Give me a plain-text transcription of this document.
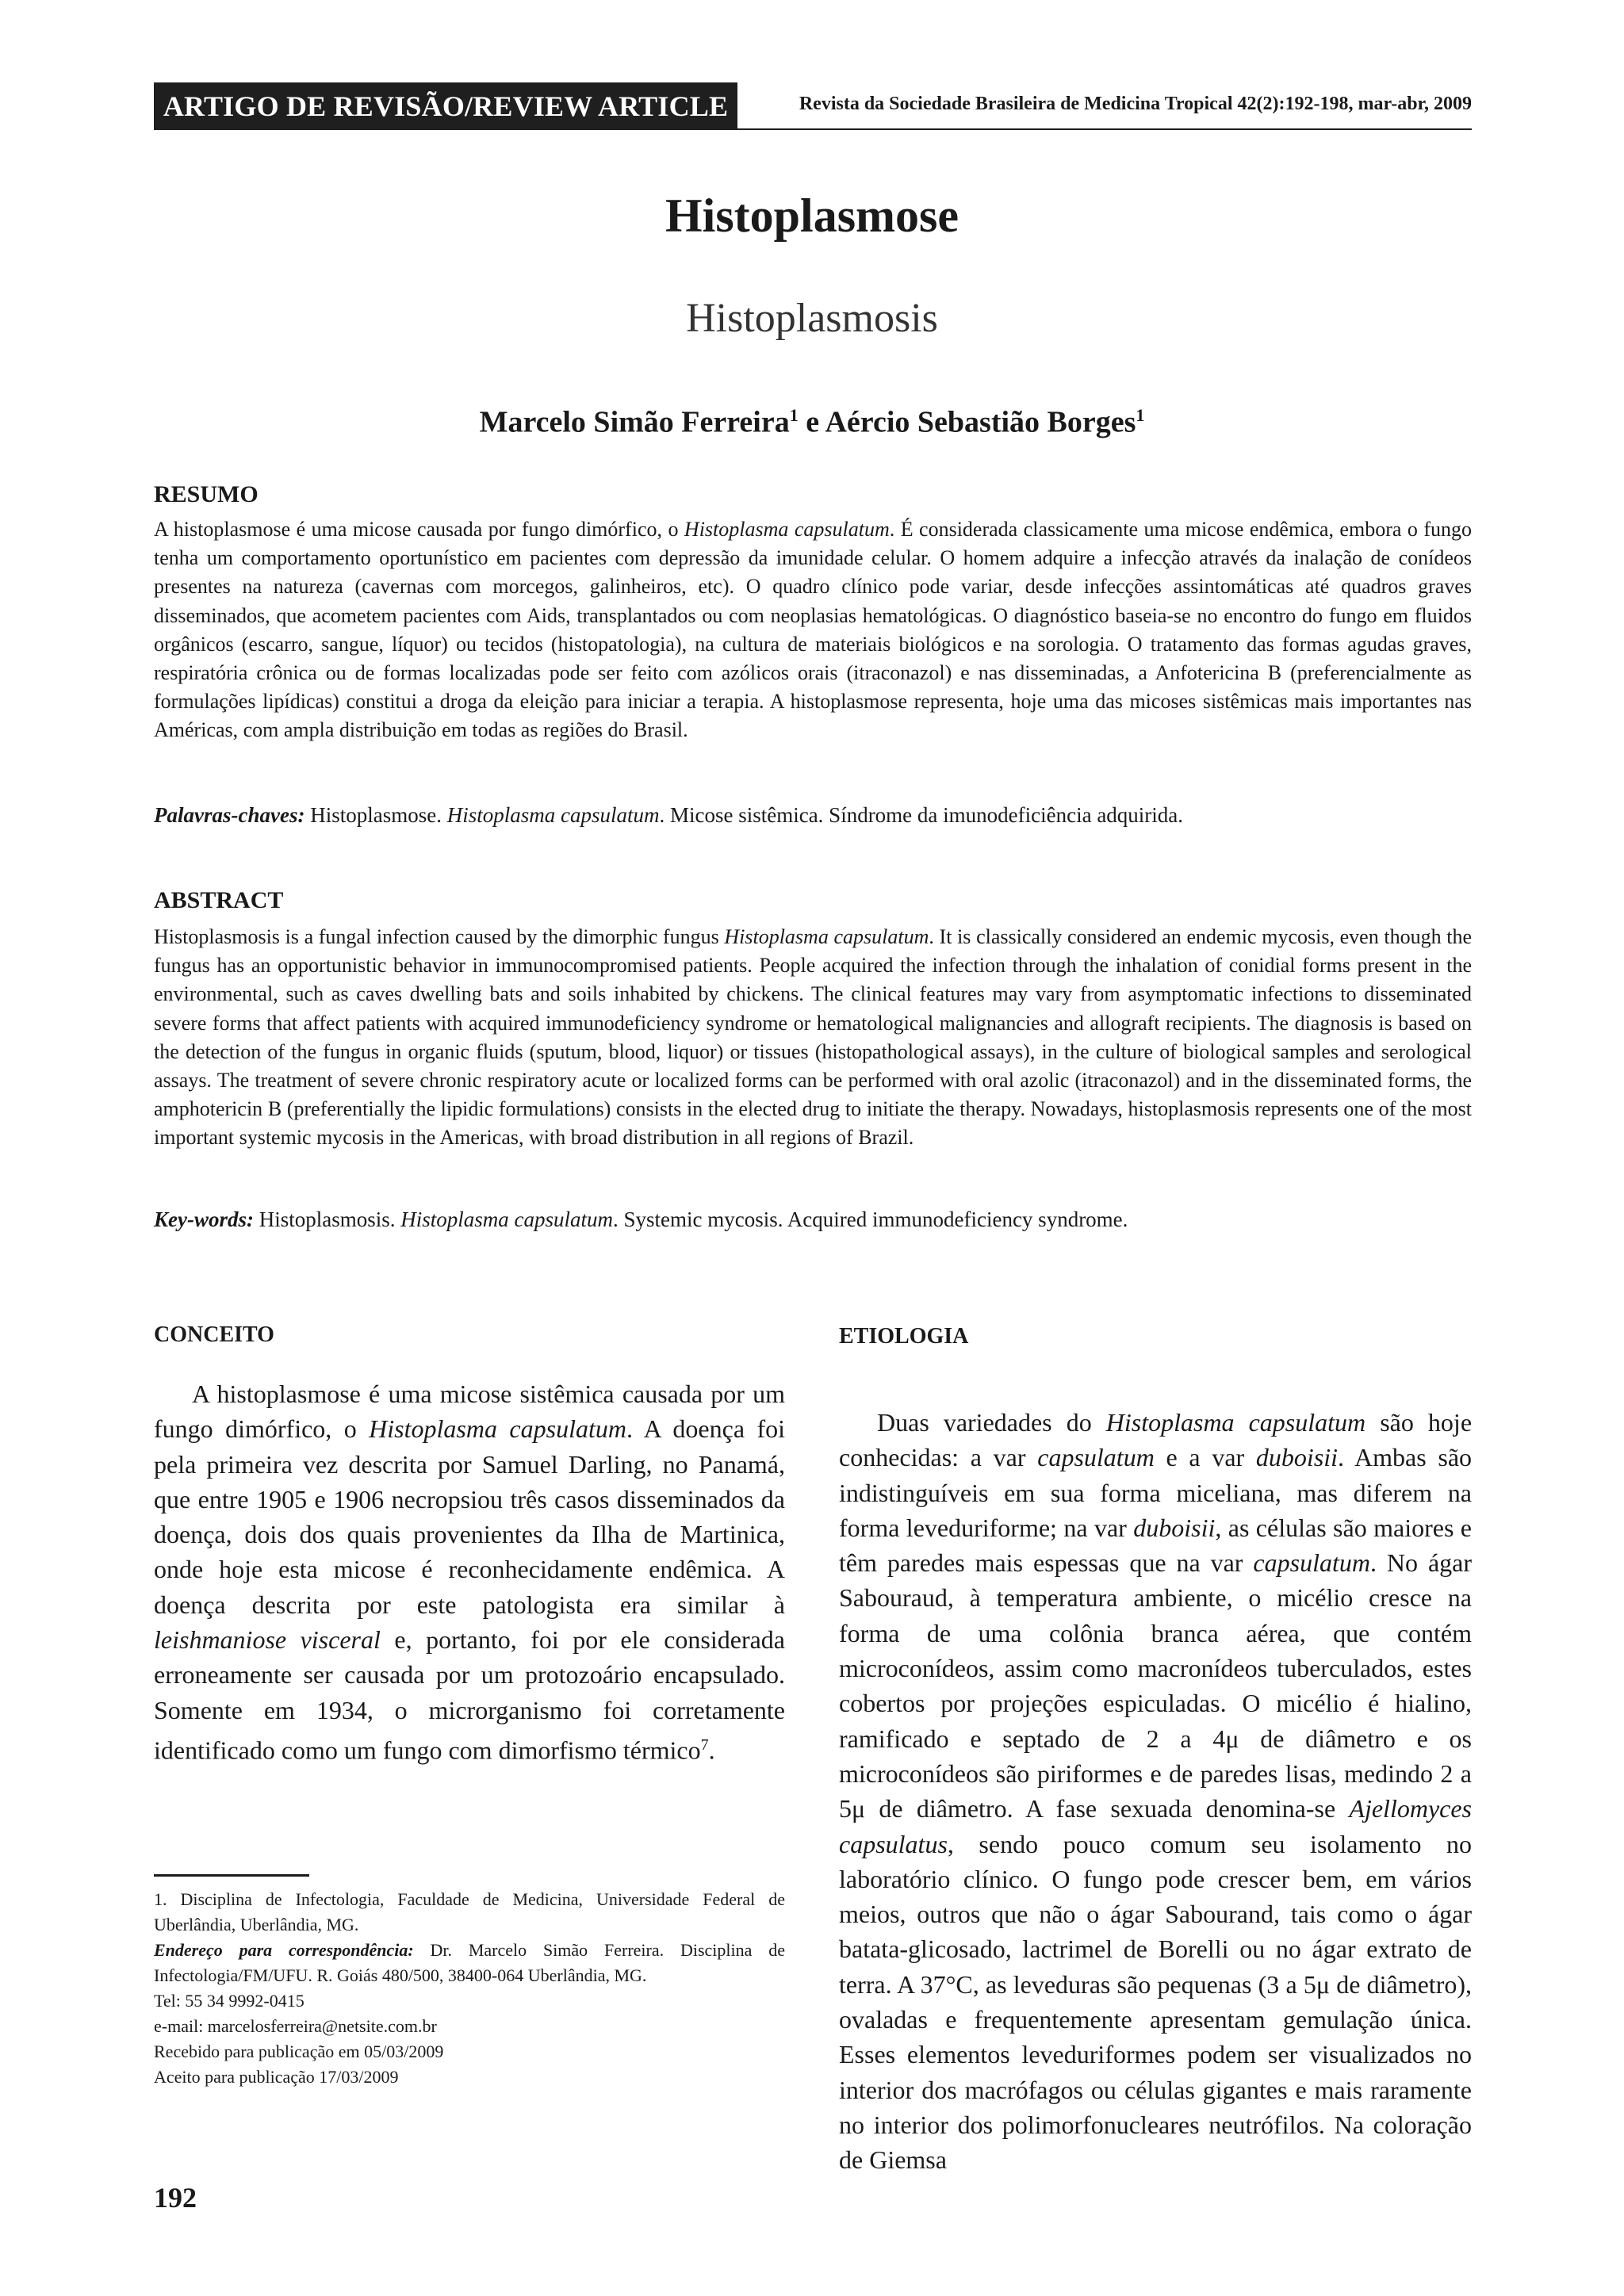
ARTIGO DE REVISÃO/REVIEW ARTICLE	Revista da Sociedade Brasileira de Medicina Tropical 42(2):192-198, mar-abr, 2009
Histoplasmose
Histoplasmosis
Marcelo Simão Ferreira$^1$ e Aércio Sebastião Borges$^1$
RESUMO
A histoplasmose é uma micose causada por fungo dimórfico, o Histoplasma capsulatum. É considerada classicamente uma micose endêmica, embora o fungo tenha um comportamento oportunístico em pacientes com depressão da imunidade celular. O homem adquire a infecção através da inalação de conídeos presentes na natureza (cavernas com morcegos, galinheiros, etc). O quadro clínico pode variar, desde infecções assintomáticas até quadros graves disseminados, que acometem pacientes com Aids, transplantados ou com neoplasias hematológicas. O diagnóstico baseia-se no encontro do fungo em fluidos orgânicos (escarro, sangue, líquor) ou tecidos (histopatologia), na cultura de materiais biológicos e na sorologia. O tratamento das formas agudas graves, respiratória crônica ou de formas localizadas pode ser feito com azólicos orais (itraconazol) e nas disseminadas, a Anfotericina B (preferencialmente as formulações lipídicas) constitui a droga da eleição para iniciar a terapia. A histoplasmose representa, hoje uma das micoses sistêmicas mais importantes nas Américas, com ampla distribuição em todas as regiões do Brasil.
Palavras-chaves: Histoplasmose. Histoplasma capsulatum. Micose sistêmica. Síndrome da imunodeficiência adquirida.
ABSTRACT
Histoplasmosis is a fungal infection caused by the dimorphic fungus Histoplasma capsulatum. It is classically considered an endemic mycosis, even though the fungus has an opportunistic behavior in immunocompromised patients. People acquired the infection through the inhalation of conidial forms present in the environmental, such as caves dwelling bats and soils inhabited by chickens. The clinical features may vary from asymptomatic infections to disseminated severe forms that affect patients with acquired immunodeficiency syndrome or hematological malignancies and allograft recipients. The diagnosis is based on the detection of the fungus in organic fluids (sputum, blood, liquor) or tissues (histopathological assays), in the culture of biological samples and serological assays. The treatment of severe chronic respiratory acute or localized forms can be performed with oral azolic (itraconazol) and in the disseminated forms, the amphotericin B (preferentially the lipidic formulations) consists in the elected drug to initiate the therapy. Nowadays, histoplasmosis represents one of the most important systemic mycosis in the Americas, with broad distribution in all regions of Brazil.
Key-words: Histoplasmosis. Histoplasma capsulatum. Systemic mycosis. Acquired immunodeficiency syndrome.
CONCEITO
A histoplasmose é uma micose sistêmica causada por um fungo dimórfico, o Histoplasma capsulatum. A doença foi pela primeira vez descrita por Samuel Darling, no Panamá, que entre 1905 e 1906 necropsiou três casos disseminados da doença, dois dos quais provenientes da Ilha de Martinica, onde hoje esta micose é reconhecidamente endêmica. A doença descrita por este patologista era similar à leishmaniose visceral e, portanto, foi por ele considerada erroneamente ser causada por um protozoário encapsulado. Somente em 1934, o microrganismo foi corretamente identificado como um fungo com dimorfismo térmico$^7$.
ETIOLOGIA
Duas variedades do Histoplasma capsulatum são hoje conhecidas: a var capsulatum e a var duboisii. Ambas são indistinguíveis em sua forma miceliana, mas diferem na forma leveduriforme; na var duboisii, as células são maiores e têm paredes mais espessas que na var capsulatum. No ágar Sabouraud, à temperatura ambiente, o micélio cresce na forma de uma colônia branca aérea, que contém microconídeos, assim como macronídeos tuberculados, estes cobertos por projeções espiculadas. O micélio é hialino, ramificado e septado de 2 a 4μ de diâmetro e os microconídeos são piriformes e de paredes lisas, medindo 2 a 5μ de diâmetro. A fase sexuada denomina-se Ajellomyces capsulatus, sendo pouco comum seu isolamento no laboratório clínico. O fungo pode crescer bem, em vários meios, outros que não o ágar Sabourand, tais como o ágar batata-glicosado, lactrimel de Borelli ou no ágar extrato de terra. A 37°C, as leveduras são pequenas (3 a 5μ de diâmetro), ovaladas e frequentemente apresentam gemulação única. Esses elementos leveduriformes podem ser visualizados no interior dos macrófagos ou células gigantes e mais raramente no interior dos polimorfonucleares neutrófilos. Na coloração de Giemsa

1. Disciplina de Infectologia, Faculdade de Medicina, Universidade Federal de Uberlândia, Uberlândia, MG.

Endereço para correspondência: Dr. Marcelo Simão Ferreira. Disciplina de Infectologia/FM/UFU. R. Goiás 480/500, 38400-064 Uberlândia, MG.

Tel: 55 34 9992-0415

e-mail: marcelosferreira@netsite.com.br

Recebido para publicação em 05/03/2009

Aceito para publicação 17/03/2009

192
